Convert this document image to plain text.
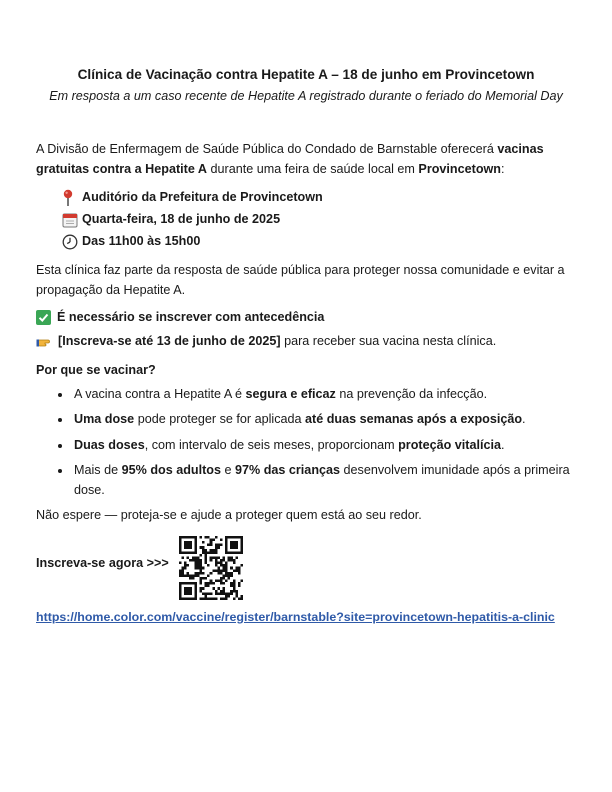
Clínica de Vacinação contra Hepatite A – 18 de junho em Provincetown

Em resposta a um caso recente de Hepatite A registrado durante o feriado do Memorial Day

A Divisão de Enfermagem de Saúde Pública do Condado de Barnstable oferecerá vacinas gratuitas contra a Hepatite A durante uma feira de saúde local em Provincetown:

Auditório da Prefeitura de Provincetown
Quarta-feira, 18 de junho de 2025
Das 11h00 às 15h00

Esta clínica faz parte da resposta de saúde pública para proteger nossa comunidade e evitar a propagação da Hepatite A.

É necessário se inscrever com antecedência
[Inscreva-se até 13 de junho de 2025] para receber sua vacina nesta clínica.

Por que se vacinar?

• A vacina contra a Hepatite A é segura e eficaz na prevenção da infecção.
• Uma dose pode proteger se for aplicada até duas semanas após a exposição.
• Duas doses, com intervalo de seis meses, proporcionam proteção vitalícia.
• Mais de 95% dos adultos e 97% das crianças desenvolvem imunidade após a primeira dose.

Não espere — proteja-se e ajude a proteger quem está ao seu redor.

Inscreva-se agora >>>
https://home.color.com/vaccine/register/barnstable?site=provincetown-hepatitis-a-clinic
